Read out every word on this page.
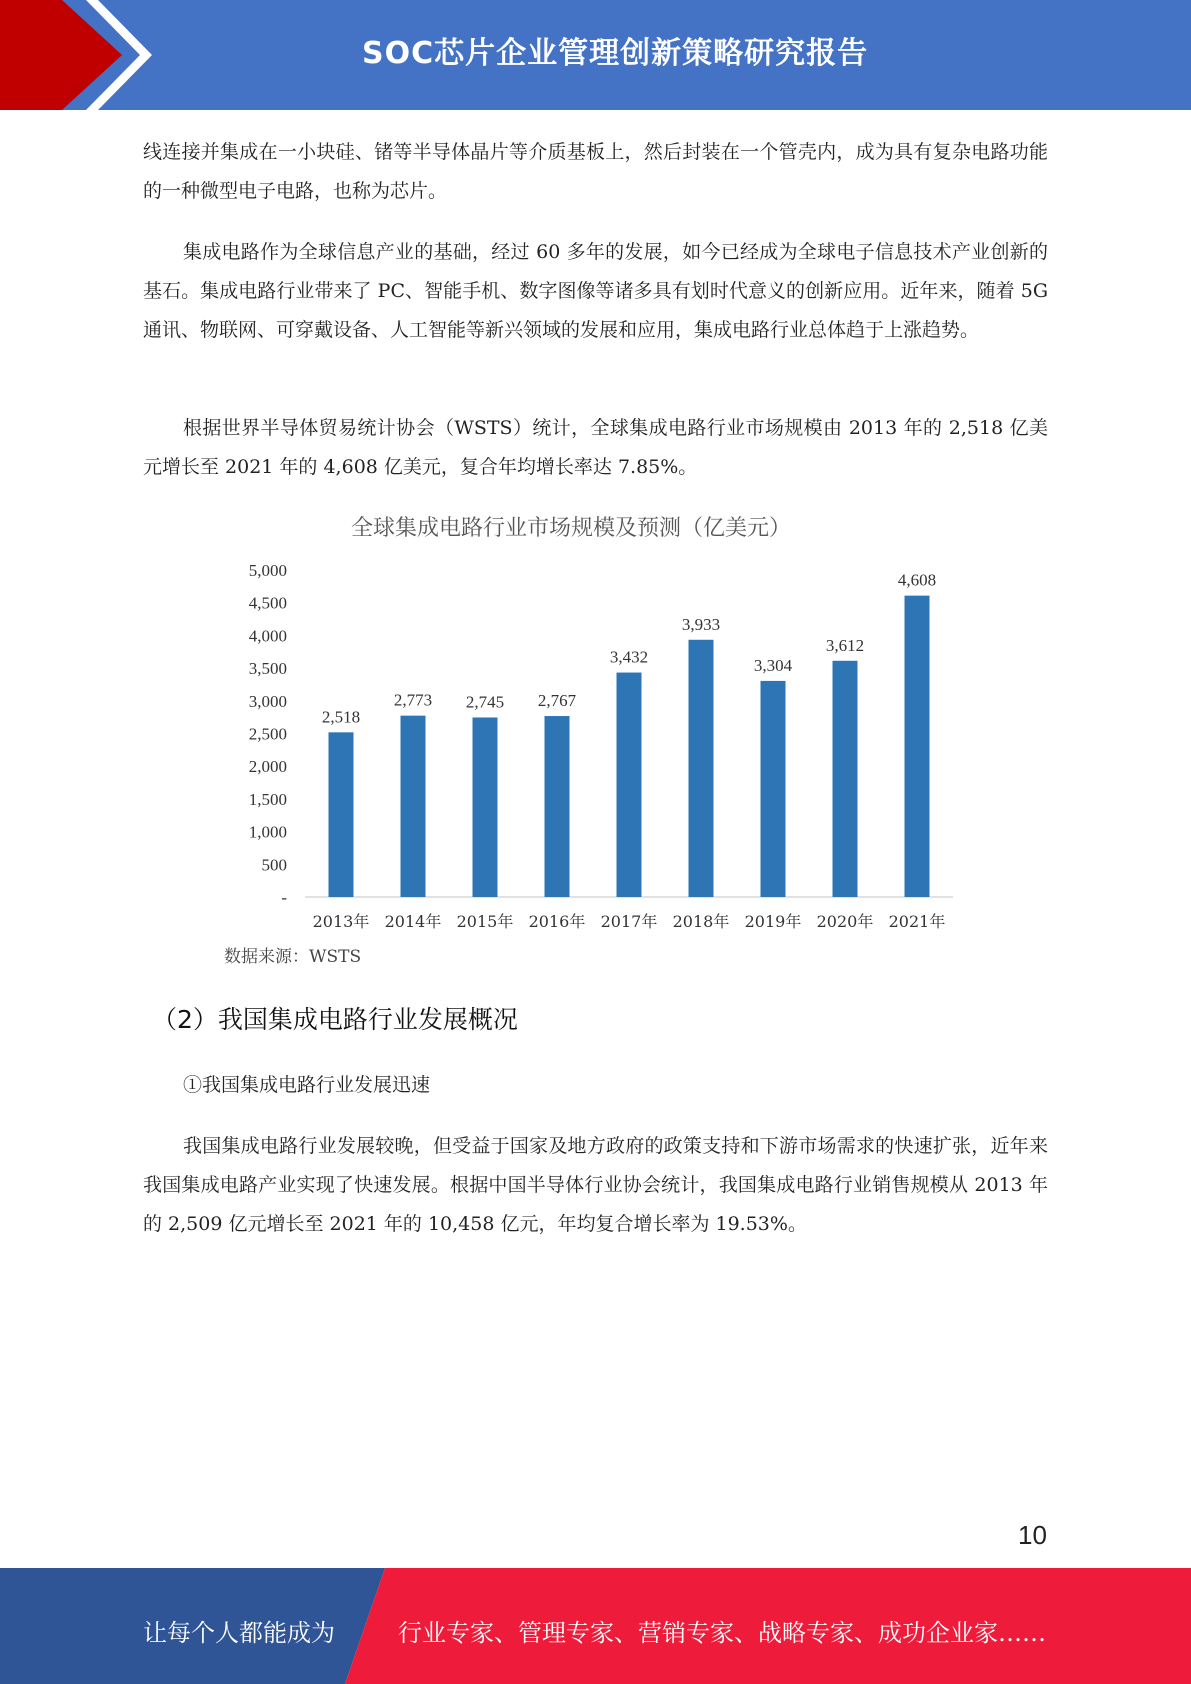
SOC芯片企业管理创新策略研究报告

线连接并集成在一小块硅、锗等半导体晶片等介质基板上，然后封装在一个管壳内，成为具有复杂电路功能的一种微型电子电路，也称为芯片。

集成电路作为全球信息产业的基础，经过 60 多年的发展，如今已经成为全球电子信息技术产业创新的基石。集成电路行业带来了 PC、智能手机、数字图像等诸多具有划时代意义的创新应用。近年来，随着 5G 通讯、物联网、可穿戴设备、人工智能等新兴领域的发展和应用，集成电路行业总体趋于上涨趋势。

根据世界半导体贸易统计协会（WSTS）统计，全球集成电路行业市场规模由 2013 年的 2,518 亿美元增长至 2021 年的 4,608 亿美元，复合年均增长率达 7.85%。

全球集成电路行业市场规模及预测（亿美元）
-
500
1,000
1,500
2,000
2,500
3,000
3,500
4,000
4,500
5,000
2,518
2013年
2,773
2014年
2,745
2015年
2,767
2016年
3,432
2017年
3,933
2018年
3,304
2019年
3,612
2020年
4,608
2021年
数据来源：WSTS
（2）我国集成电路行业发展概况
①我国集成电路行业发展迅速

我国集成电路行业发展较晚，但受益于国家及地方政府的政策支持和下游市场需求的快速扩张，近年来我国集成电路产业实现了快速发展。根据中国半导体行业协会统计，我国集成电路行业销售规模从 2013 年的 2,509 亿元增长至 2021 年的 10,458 亿元，年均复合增长率为 19.53%。

10
让每个人都能成为	行业专家、管理专家、营销专家、战略专家、成功企业家……
